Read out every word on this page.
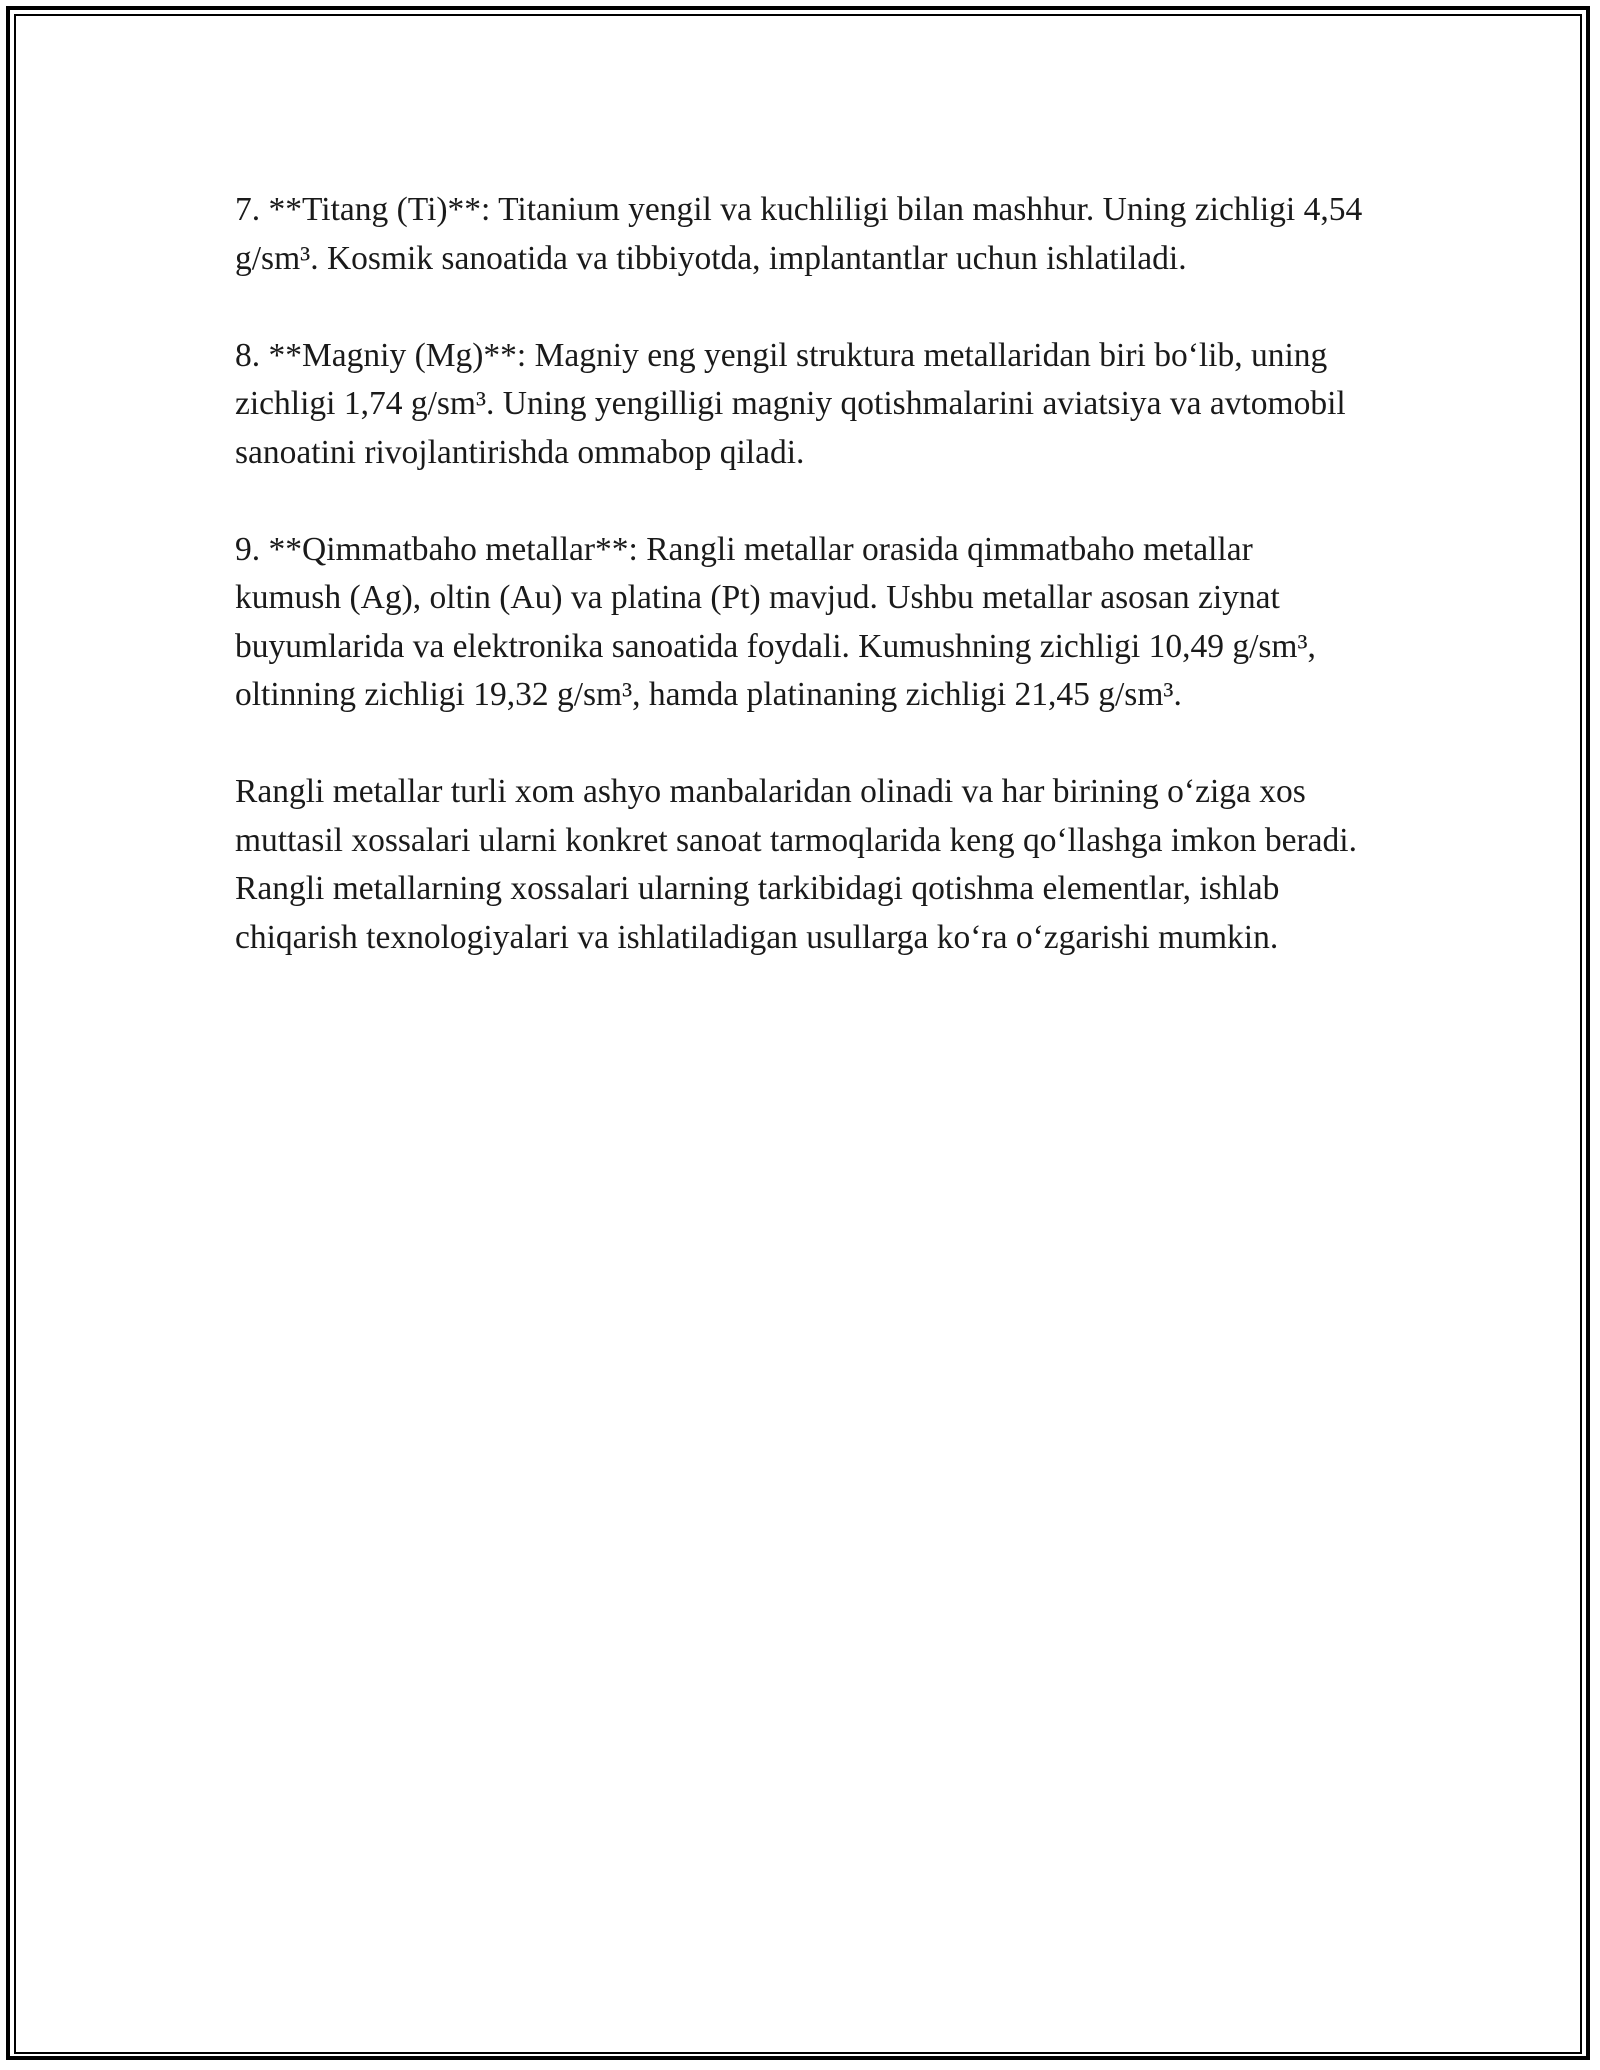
7. **Titang (Ti)**: Titanium yengil va kuchliligi bilan mashhur. Uning zichligi 4,54 g/sm³. Kosmik sanoatida va tibbiyotda, implantantlar uchun ishlatiladi.

8. **Magniy (Mg)**: Magniy eng yengil struktura metallaridan biri bo‘lib, uning zichligi 1,74 g/sm³. Uning yengilligi magniy qotishmalarini aviatsiya va avtomobil sanoatini rivojlantirishda ommabop qiladi.

9. **Qimmatbaho metallar**: Rangli metallar orasida qimmatbaho metallar kumush (Ag), oltin (Au) va platina (Pt) mavjud. Ushbu metallar asosan ziynat buyumlarida va elektronika sanoatida foydali. Kumushning zichligi 10,49 g/sm³, oltinning zichligi 19,32 g/sm³, hamda platinaning zichligi 21,45 g/sm³.

Rangli metallar turli xom ashyo manbalaridan olinadi va har birining o‘ziga xos muttasil xossalari ularni konkret sanoat tarmoqlarida keng qo‘llashga imkon beradi. Rangli metallarning xossalari ularning tarkibidagi qotishma elementlar, ishlab chiqarish texnologiyalari va ishlatiladigan usullarga ko‘ra o‘zgarishi mumkin.
